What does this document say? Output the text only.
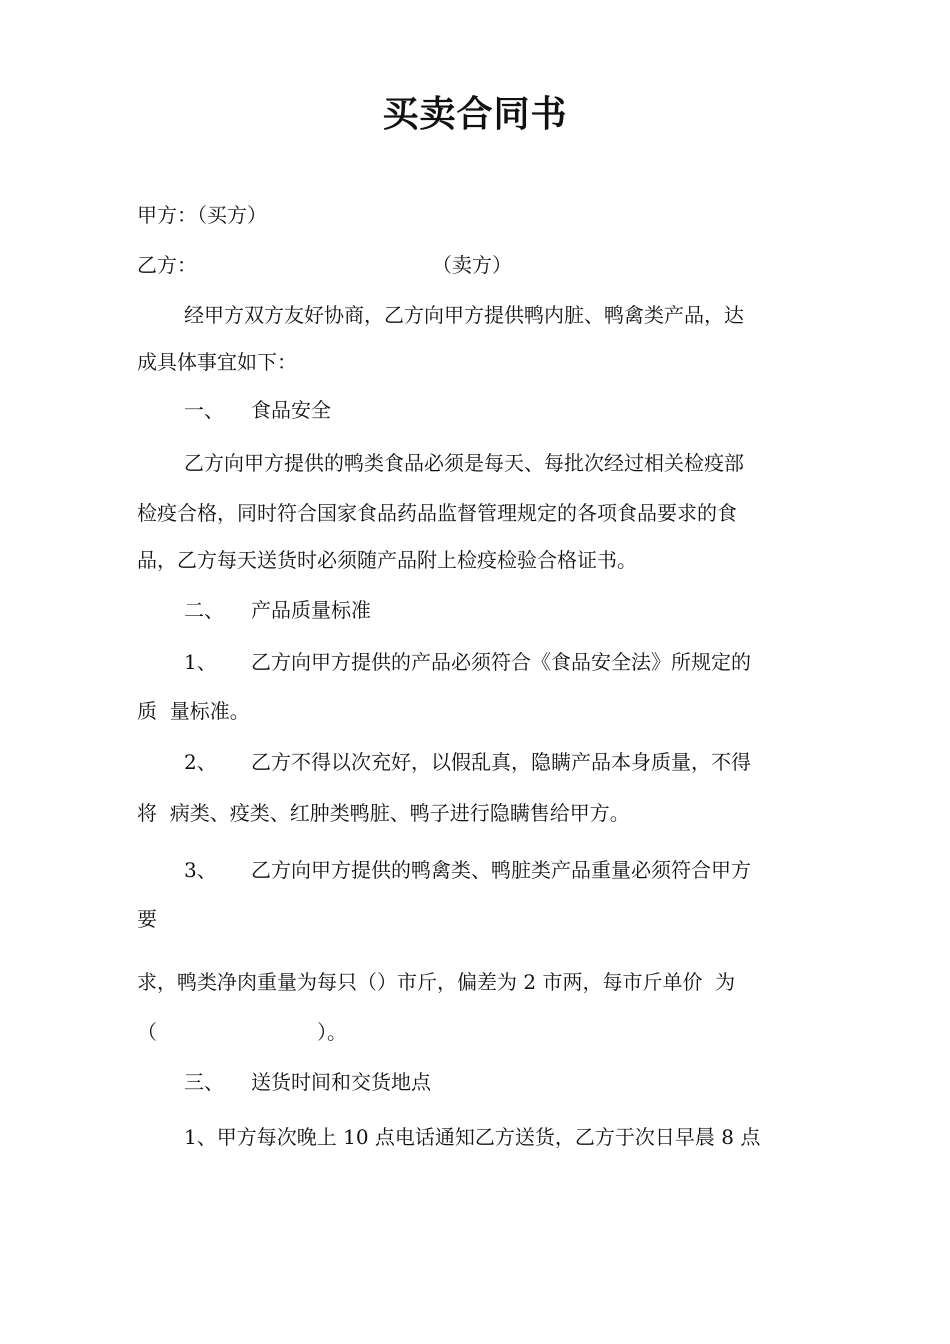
买卖合同书
甲方：（买方）
乙方：	（卖方）
经甲方双方友好协商，乙方向甲方提供鸭内脏、鸭禽类产品，达
成具体事宜如下：
一、 食品安全
乙方向甲方提供的鸭类食品必须是每天、每批次经过相关检疫部
检疫合格，同时符合国家食品药品监督管理规定的各项食品要求的食
品，乙方每天送货时必须随产品附上检疫检验合格证书。
二、 产品质量标准
1、 乙方向甲方提供的产品必须符合《食品安全法》所规定的
质  量标准。
2、 乙方不得以次充好，以假乱真，隐瞒产品本身质量，不得
将  病类、疫类、红肿类鸭脏、鸭子进行隐瞒售给甲方。
3、 乙方向甲方提供的鸭禽类、鸭脏类产品重量必须符合甲方
要
求，鸭类净肉重量为每只（）市斤，偏差为 2 市两，每市斤单价  为
（	）。
三、 送货时间和交货地点
1、甲方每次晚上 10 点电话通知乙方送货，乙方于次日早晨 8 点
